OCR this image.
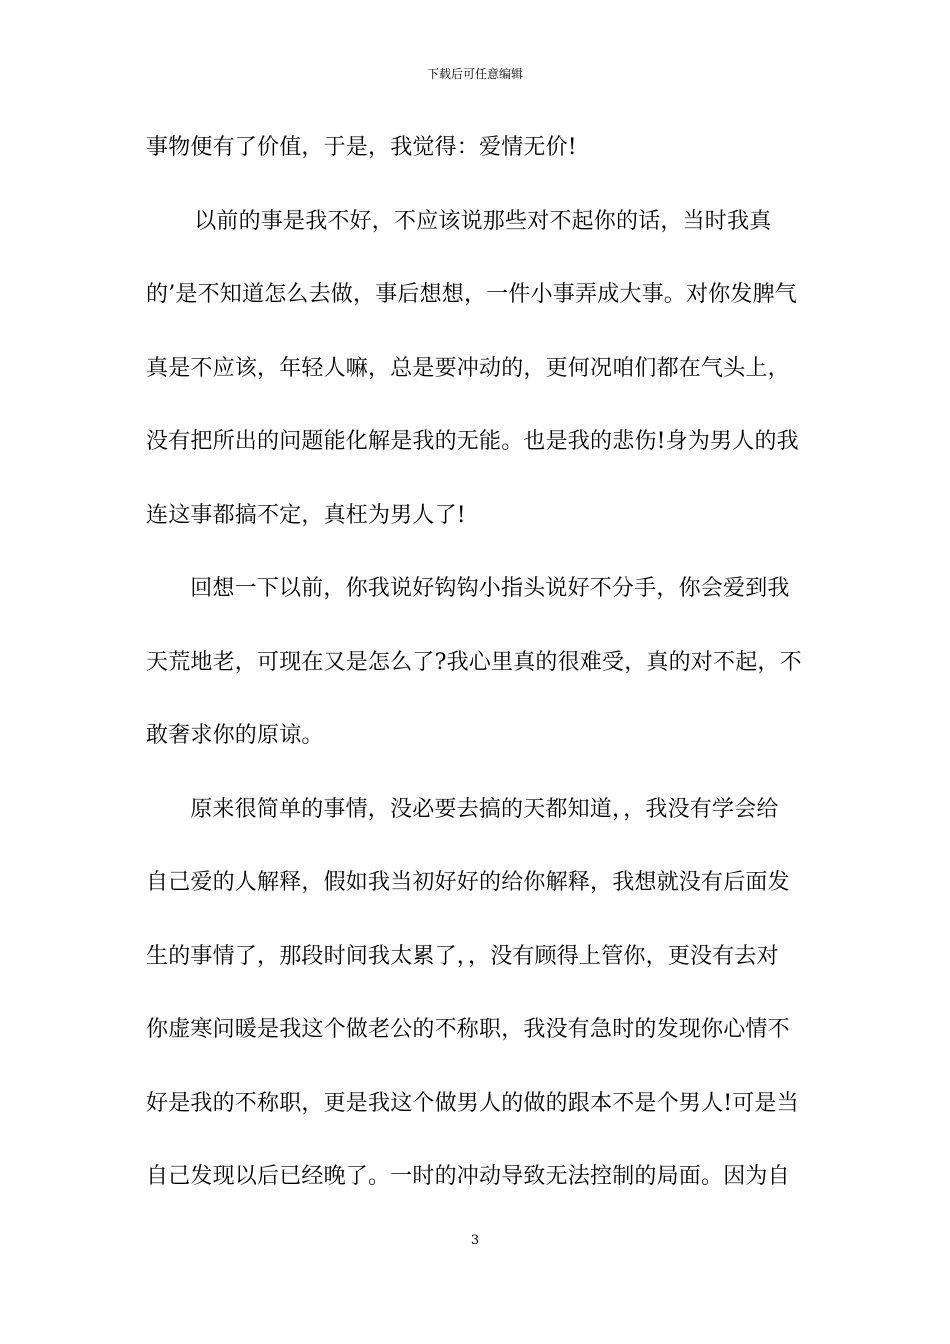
下载后可任意编辑
事物便有了价值，于是，我觉得：爱情无价!
　以前的事是我不好，不应该说那些对不起你的话，当时我真
的’是不知道怎么去做，事后想想，一件小事弄成大事。对你发脾气
真是不应该，年轻人嘛，总是要冲动的，更何况咱们都在气头上，
没有把所出的问题能化解是我的无能。也是我的悲伤!身为男人的我
连这事都搞不定，真枉为男人了!
　回想一下以前，你我说好钩钩小指头说好不分手，你会爱到我
天荒地老，可现在又是怎么了?我心里真的很难受，真的对不起，不
敢奢求你的原谅。
　原来很简单的事情，没必要去搞的天都知道，，我没有学会给
自己爱的人解释，假如我当初好好的给你解释，我想就没有后面发
生的事情了，那段时间我太累了，，没有顾得上管你，更没有去对
你虚寒问暖是我这个做老公的不称职，我没有急时的发现你心情不
好是我的不称职，更是我这个做男人的做的跟本不是个男人!可是当
自己发现以后已经晚了。一时的冲动导致无法控制的局面。因为自
3
